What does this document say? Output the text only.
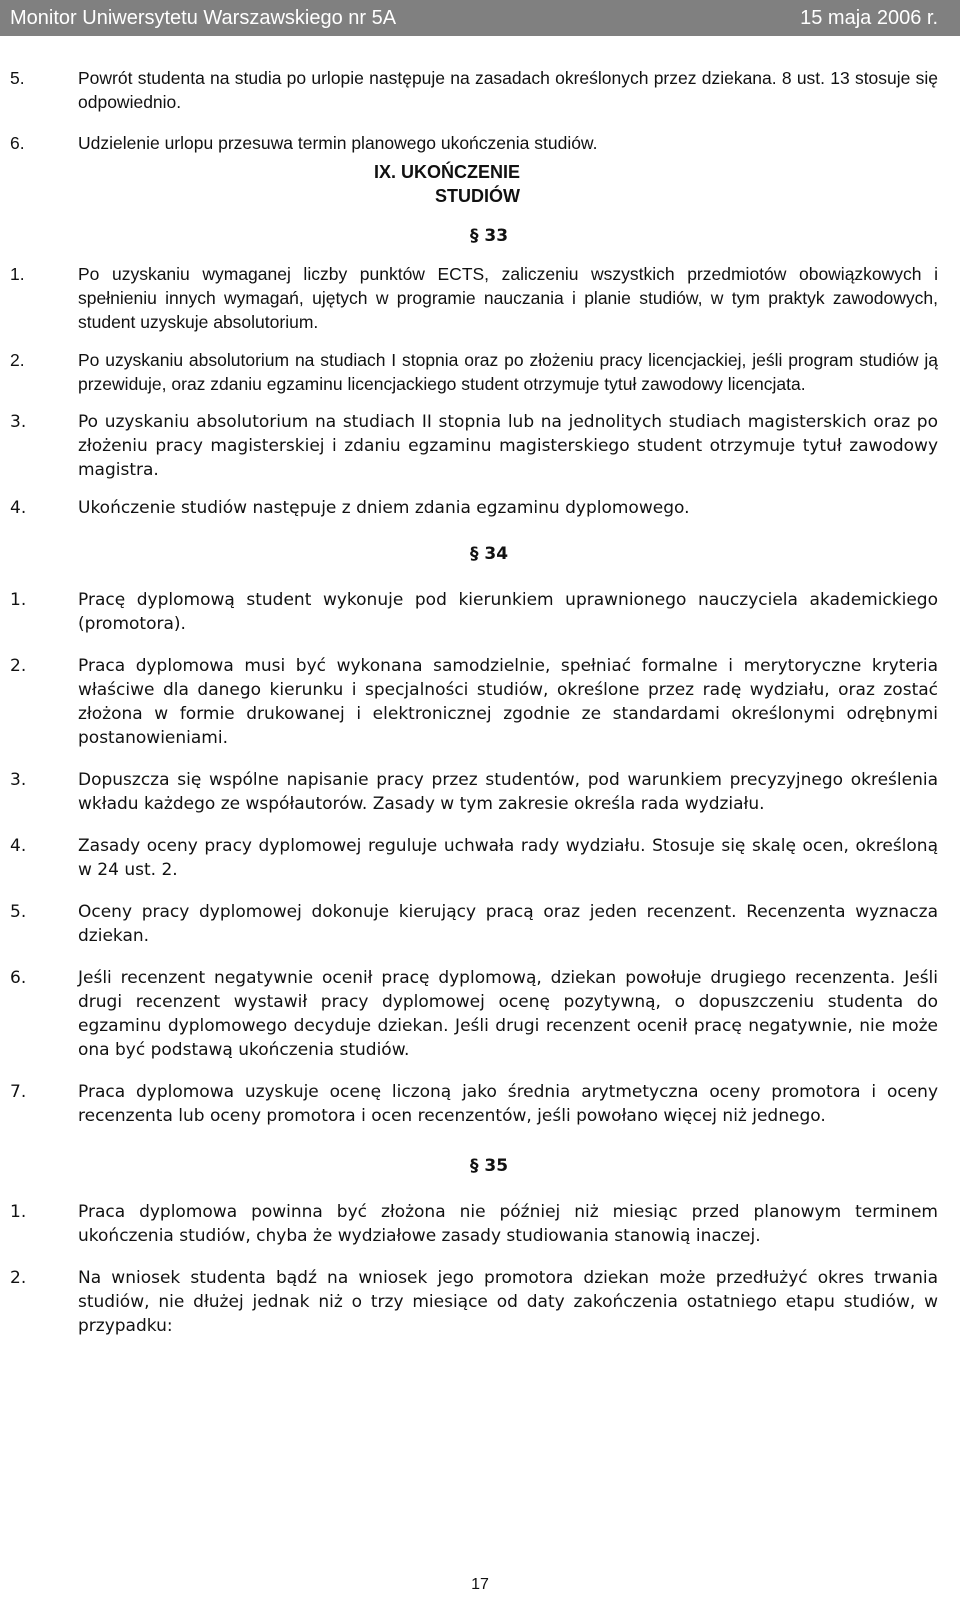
Monitor Uniwersytetu Warszawskiego nr 5A	15 maja 2006 r.
5.	Powrót studenta na studia po urlopie następuje na zasadach określonych przez dziekana. 8 ust. 13 stosuje się odpowiednio.
6.	Udzielenie urlopu przesuwa termin planowego ukończenia studiów.

IX. UKOŃCZENIE STUDIÓW

§ 33

1.	Po uzyskaniu wymaganej liczby punktów ECTS, zaliczeniu wszystkich przedmiotów obowiązkowych i spełnieniu innych wymagań, ujętych w programie nauczania i planie studiów, w tym praktyk zawodowych, student uzyskuje absolutorium.
2.	Po uzyskaniu absolutorium na studiach I stopnia oraz po złożeniu pracy licencjackiej, jeśli program studiów ją przewiduje, oraz zdaniu egzaminu licencjackiego student otrzymuje tytuł zawodowy licencjata.
3.	Po uzyskaniu absolutorium na studiach II stopnia lub na jednolitych studiach magisterskich oraz po złożeniu pracy magisterskiej i zdaniu egzaminu magisterskiego student otrzymuje tytuł zawodowy magistra.
4.	Ukończenie studiów następuje z dniem zdania egzaminu dyplomowego.

§ 34

1.	Pracę dyplomową student wykonuje pod kierunkiem uprawnionego nauczyciela akademickiego (promotora).
2.	Praca dyplomowa musi być wykonana samodzielnie, spełniać formalne i merytoryczne kryteria właściwe dla danego kierunku i specjalności studiów, określone przez radę wydziału, oraz zostać złożona w formie drukowanej i elektronicznej zgodnie ze standardami określonymi odrębnymi postanowieniami.
3.	Dopuszcza się wspólne napisanie pracy przez studentów, pod warunkiem precyzyjnego określenia wkładu każdego ze współautorów. Zasady w tym zakresie określa rada wydziału.
4.	Zasady oceny pracy dyplomowej reguluje uchwała rady wydziału. Stosuje się skalę ocen, określoną w 24 ust. 2.
5.	Oceny pracy dyplomowej dokonuje kierujący pracą oraz jeden recenzent. Recenzenta wyznacza dziekan.
6.	Jeśli recenzent negatywnie ocenił pracę dyplomową, dziekan powołuje drugiego recenzenta. Jeśli drugi recenzent wystawił pracy dyplomowej ocenę pozytywną, o dopuszczeniu studenta do egzaminu dyplomowego decyduje dziekan. Jeśli drugi recenzent ocenił pracę negatywnie, nie może ona być podstawą ukończenia studiów.
7.	Praca dyplomowa uzyskuje ocenę liczoną jako średnia arytmetyczna oceny promotora i oceny recenzenta lub oceny promotora i ocen recenzentów, jeśli powołano więcej niż jednego.

§ 35

1.	Praca dyplomowa powinna być złożona nie później niż miesiąc przed planowym terminem ukończenia studiów, chyba że wydziałowe zasady studiowania stanowią inaczej.
2.	Na wniosek studenta bądź na wniosek jego promotora dziekan może przedłużyć okres trwania studiów, nie dłużej jednak niż o trzy miesiące od daty zakończenia ostatniego etapu studiów, w przypadku:
17
